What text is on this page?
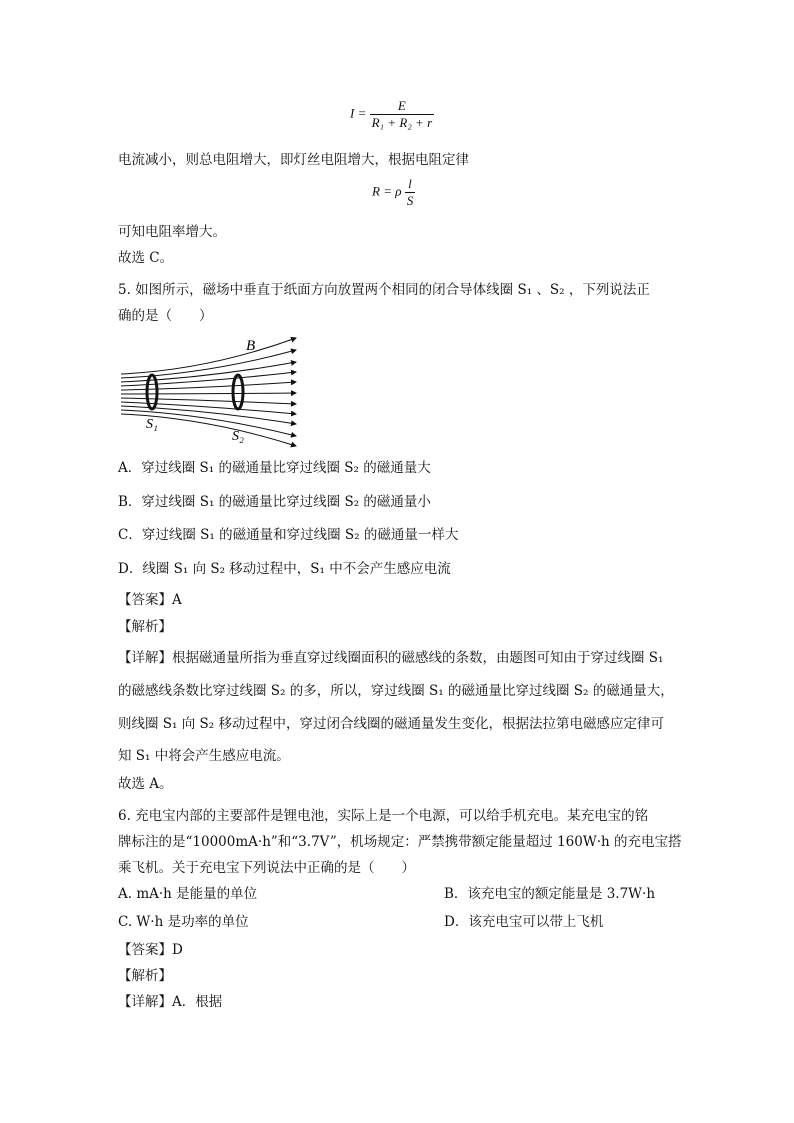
$I = \frac{E}{\text{R₁ + R₂ + r}}$
电流减小，则总电阻增大，即灯丝电阻增大，根据电阻定律
R = ρ $\frac{l}{S}$
可知电阻率增大。
故选 C。
5. 如图所示，磁场中垂直于纸面方向放置两个相同的闭合导体线圈 S₁ 、S₂ ，下列说法正
确的是（　　）
B
S₁
S₂
A．穿过线圈 S₁ 的磁通量比穿过线圈 S₂ 的磁通量大
B．穿过线圈 S₁ 的磁通量比穿过线圈 S₂ 的磁通量小
C．穿过线圈 S₁ 的磁通量和穿过线圈 S₂ 的磁通量一样大
D．线圈 S₁ 向 S₂ 移动过程中，S₁ 中不会产生感应电流
【答案】A
【解析】
【详解】根据磁通量所指为垂直穿过线圈面积的磁感线的条数，由题图可知由于穿过线圈 S₁
的磁感线条数比穿过线圈 S₂ 的多，所以，穿过线圈 S₁ 的磁通量比穿过线圈 S₂ 的磁通量大，
则线圈 S₁ 向 S₂ 移动过程中，穿过闭合线圈的磁通量发生变化，根据法拉第电磁感应定律可
知 S₁ 中将会产生感应电流。
故选 A。
6. 充电宝内部的主要部件是锂电池，实际上是一个电源，可以给手机充电。某充电宝的铭
牌标注的是“10000mA·h”和“3.7V”，机场规定：严禁携带额定能量超过 160W·h 的充电宝搭
乘飞机。关于充电宝下列说法中正确的是（　　）
A. mA·h 是能量的单位	B．该充电宝的额定能量是 3.7W·h
C. W·h 是功率的单位	D．该充电宝可以带上飞机
【答案】D
【解析】
【详解】A．根据
